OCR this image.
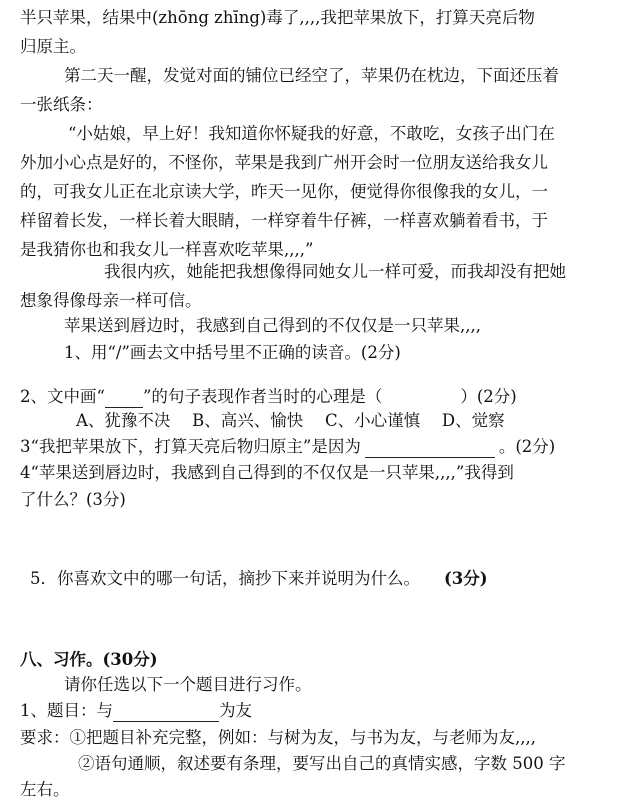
半只苹果，结果中(zhōng zhīng)毒了,,,,我把苹果放下，打算天亮后物
归原主。
第二天一醒，发觉对面的铺位已经空了，苹果仍在枕边，下面还压着
一张纸条：
“小姑娘，早上好！我知道你怀疑我的好意，不敢吃，女孩子出门在
外加小心点是好的，不怪你，苹果是我到广州开会时一位朋友送给我女儿
的，可我女儿正在北京读大学，昨天一见你，便觉得你很像我的女儿，一
样留着长发，一样长着大眼睛，一样穿着牛仔裤，一样喜欢躺着看书，于
是我猜你也和我女儿一样喜欢吃苹果,,,,”
我很内疚，她能把我想像得同她女儿一样可爱，而我却没有把她
想象得像母亲一样可信。
苹果送到唇边时，我感到自己得到的不仅仅是一只苹果,,,,
1、用“/”画去文中括号里不正确的读音。(2分)
2、文中画“ ”的句子表现作者当时的心理是（	）(2分)
A、犹豫不决　 B、高兴、愉快　 C、小心谨慎　 D、觉察
3“我把苹果放下，打算天亮后物归原主”是因为	。(2分)
4“苹果送到唇边时，我感到自己得到的不仅仅是一只苹果,,,,”我得到
了什么？(3分)
5．你喜欢文中的哪一句话，摘抄下来并说明为什么。 (3分)
八、习作。(30分)
请你任选以下一个题目进行习作。
1、题目：与	为友
要求：①把题目补充完整，例如：与树为友，与书为友，与老师为友,,,,
②语句通顺，叙述要有条理，要写出自己的真情实感，字数 500 字
左右。
